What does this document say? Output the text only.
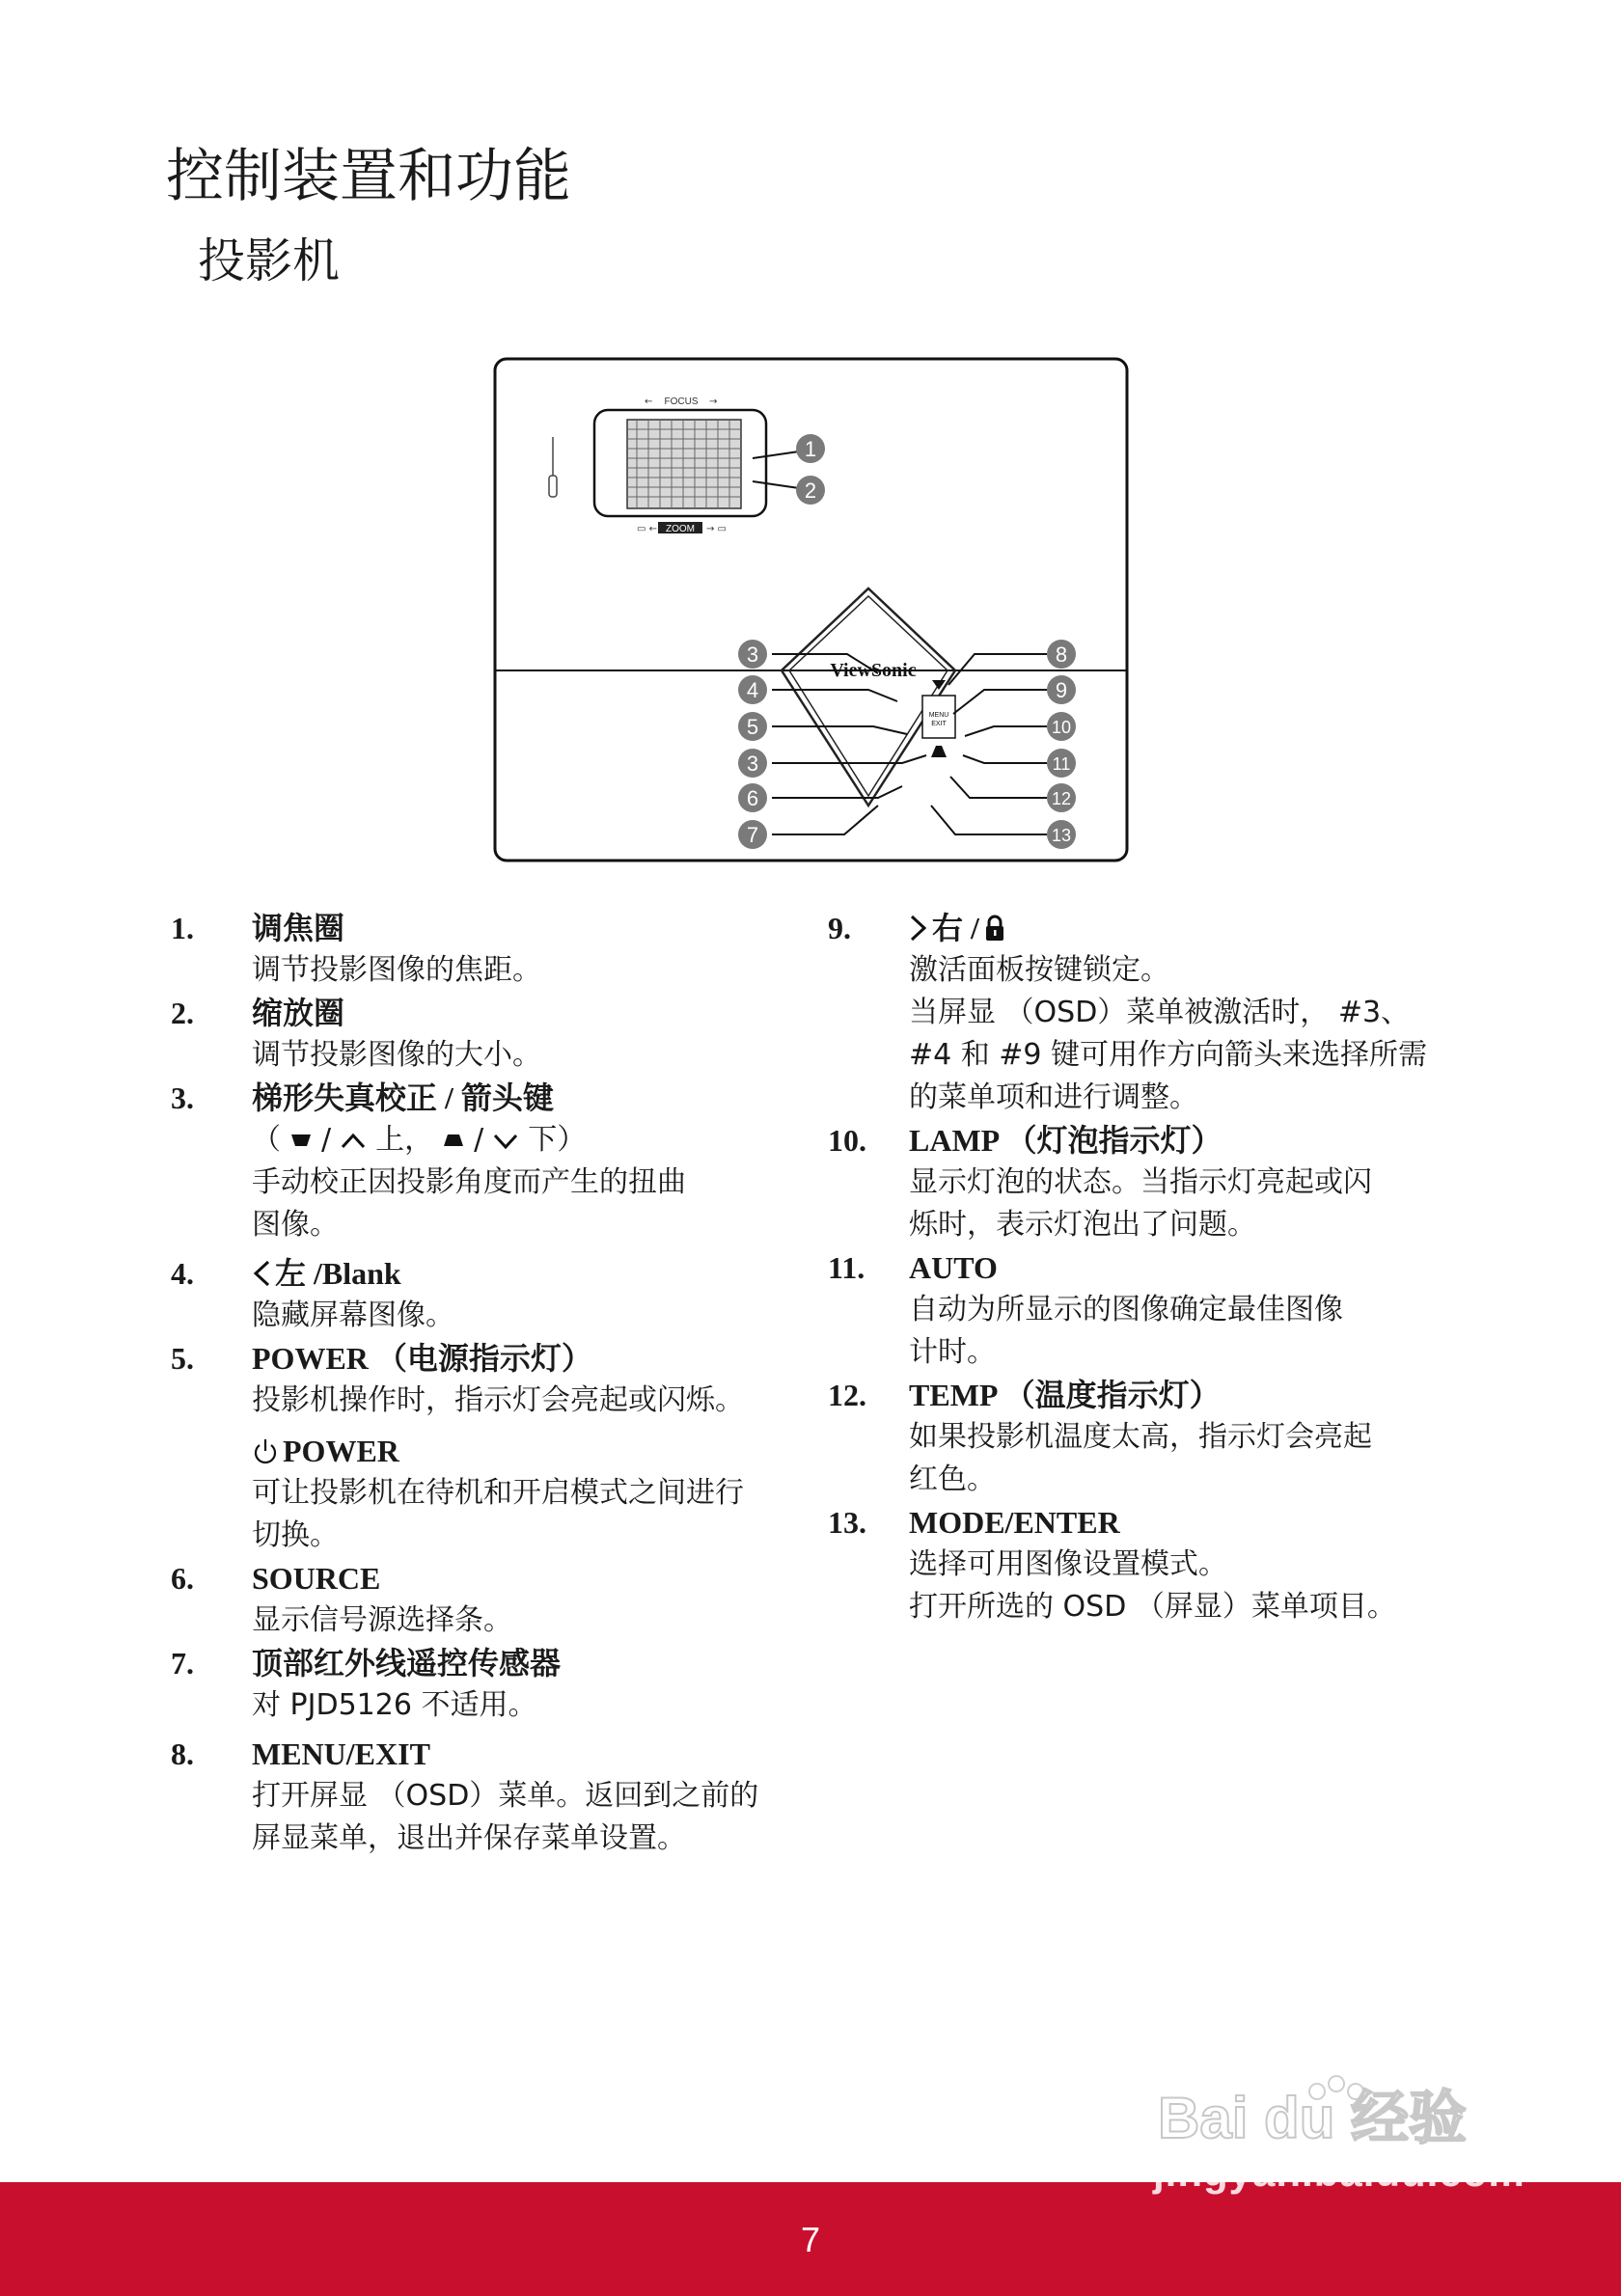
控制装置和功能
投影机
FOCUS
←	→
ZOOM
▭ ←	→ ▭
ViewSonic
MENU
EXIT
1
2
3
4
5
3
6
7
8
9
10
11
12
13
1. 调焦圈
调节投影图像的焦距。
2. 缩放圈
调节投影图像的大小。
3. 梯形失真校正 / 箭头键
（ / 上， / 下）
手动校正因投影角度而产生的扭曲
图像。
4.	左 /Blank
隐藏屏幕图像。
5. POWER （电源指示灯）
投影机操作时，指示灯会亮起或闪烁。
POWER
可让投影机在待机和开启模式之间进行
切换。
6. SOURCE
显示信号源选择条。
7. 顶部红外线遥控传感器
对 PJD5126 不适用。
8. MENU/EXIT
打开屏显 （OSD）菜单。返回到之前的
屏显菜单，退出并保存菜单设置。
9.	右 /
激活面板按键锁定。
当屏显 （OSD）菜单被激活时， #3、
#4 和 #9 键可用作方向箭头来选择所需
的菜单项和进行调整。
10. LAMP （灯泡指示灯）
显示灯泡的状态。当指示灯亮起或闪
烁时，表示灯泡出了问题。
11. AUTO
自动为所显示的图像确定最佳图像
计时。
12. TEMP （温度指示灯）
如果投影机温度太高，指示灯会亮起
红色。
13. MODE/ENTER
选择可用图像设置模式。
打开所选的 OSD （屏显）菜单项目。
Bai du 经验
7
jingyan.baidu.com
